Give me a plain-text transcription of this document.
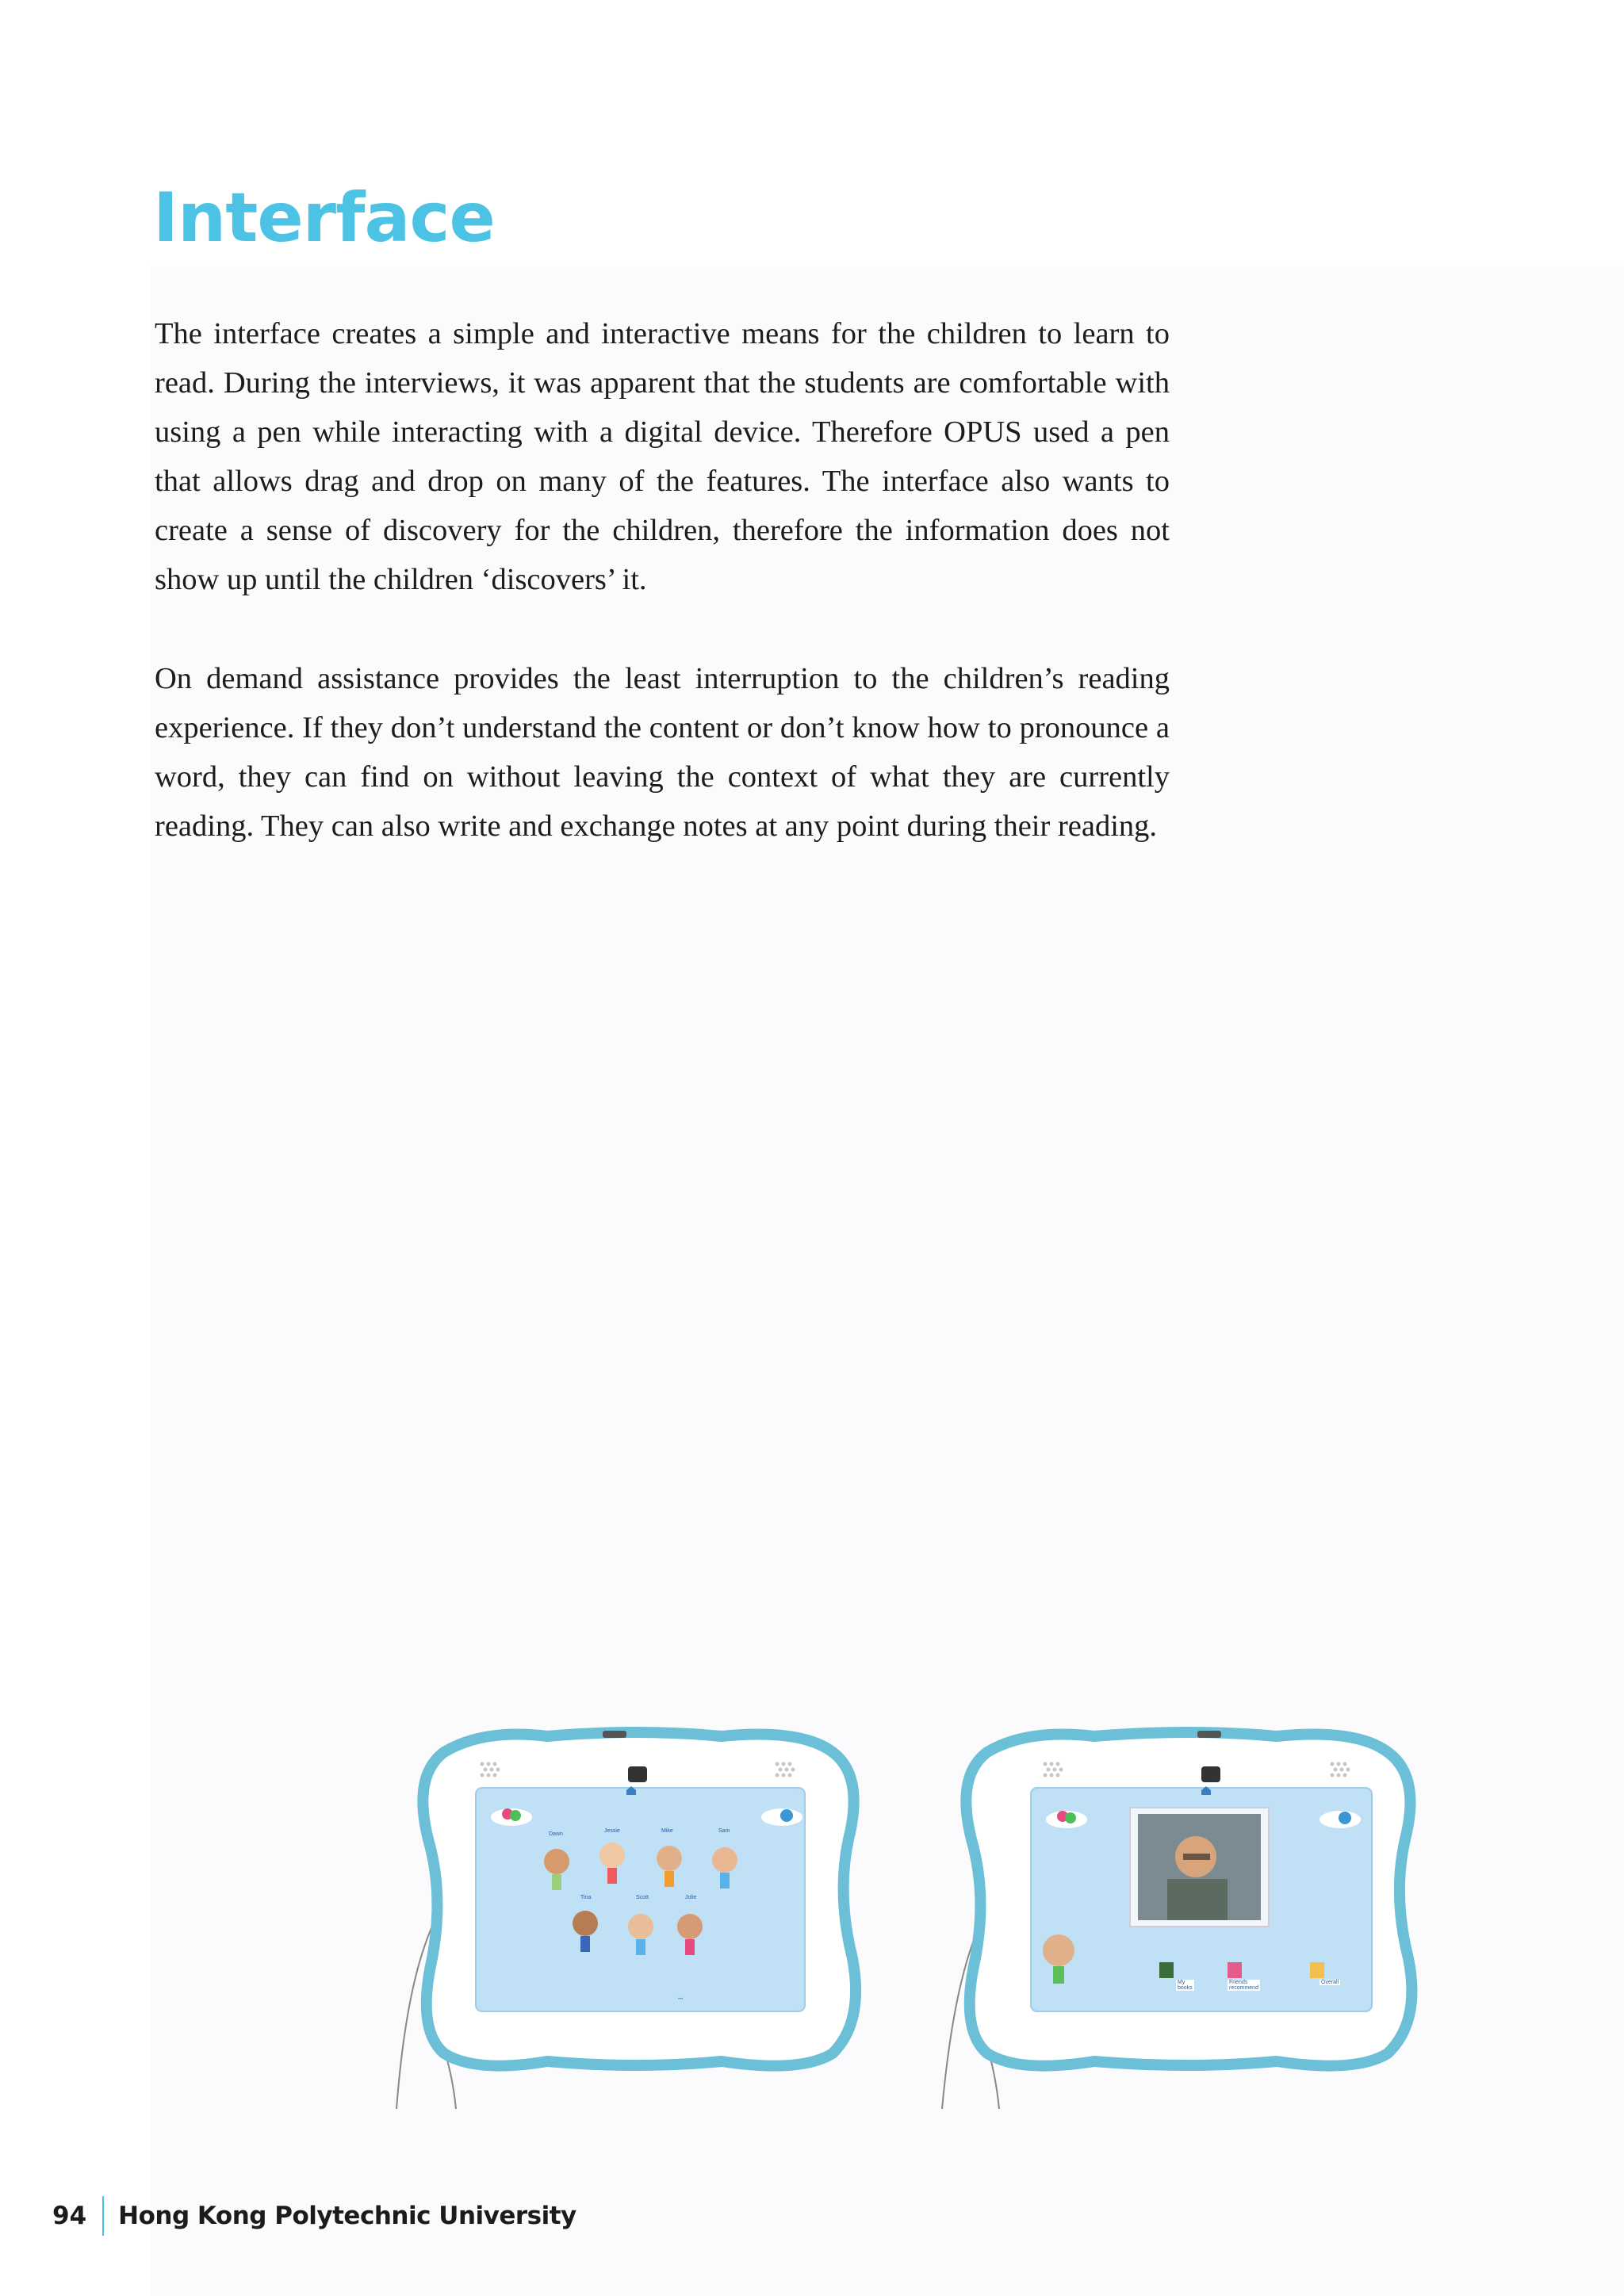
Interface

The interface creates a simple and interactive means for the children to learn to read. During the interviews, it was apparent that the students are comfortable with using a pen while interacting with a digital device. Therefore OPUS used a pen that allows drag and drop on many of the features. The interface also wants to create a sense of discovery for the children, therefore the information does not show up until the children ‘discovers’ it.

On demand assistance provides the least interruption to the children’s reading experience. If they don’t understand the content or don’t know how to pronounce a word, they can find on without leaving the context of what they are currently reading. They can also write and exchange notes at any point during their reading.

•••
Dawn
Jessie	Mike	Sam
Tina	Scott	Jolie
My books
Friends recommend
Overall
94 Hong Kong Polytechnic University
